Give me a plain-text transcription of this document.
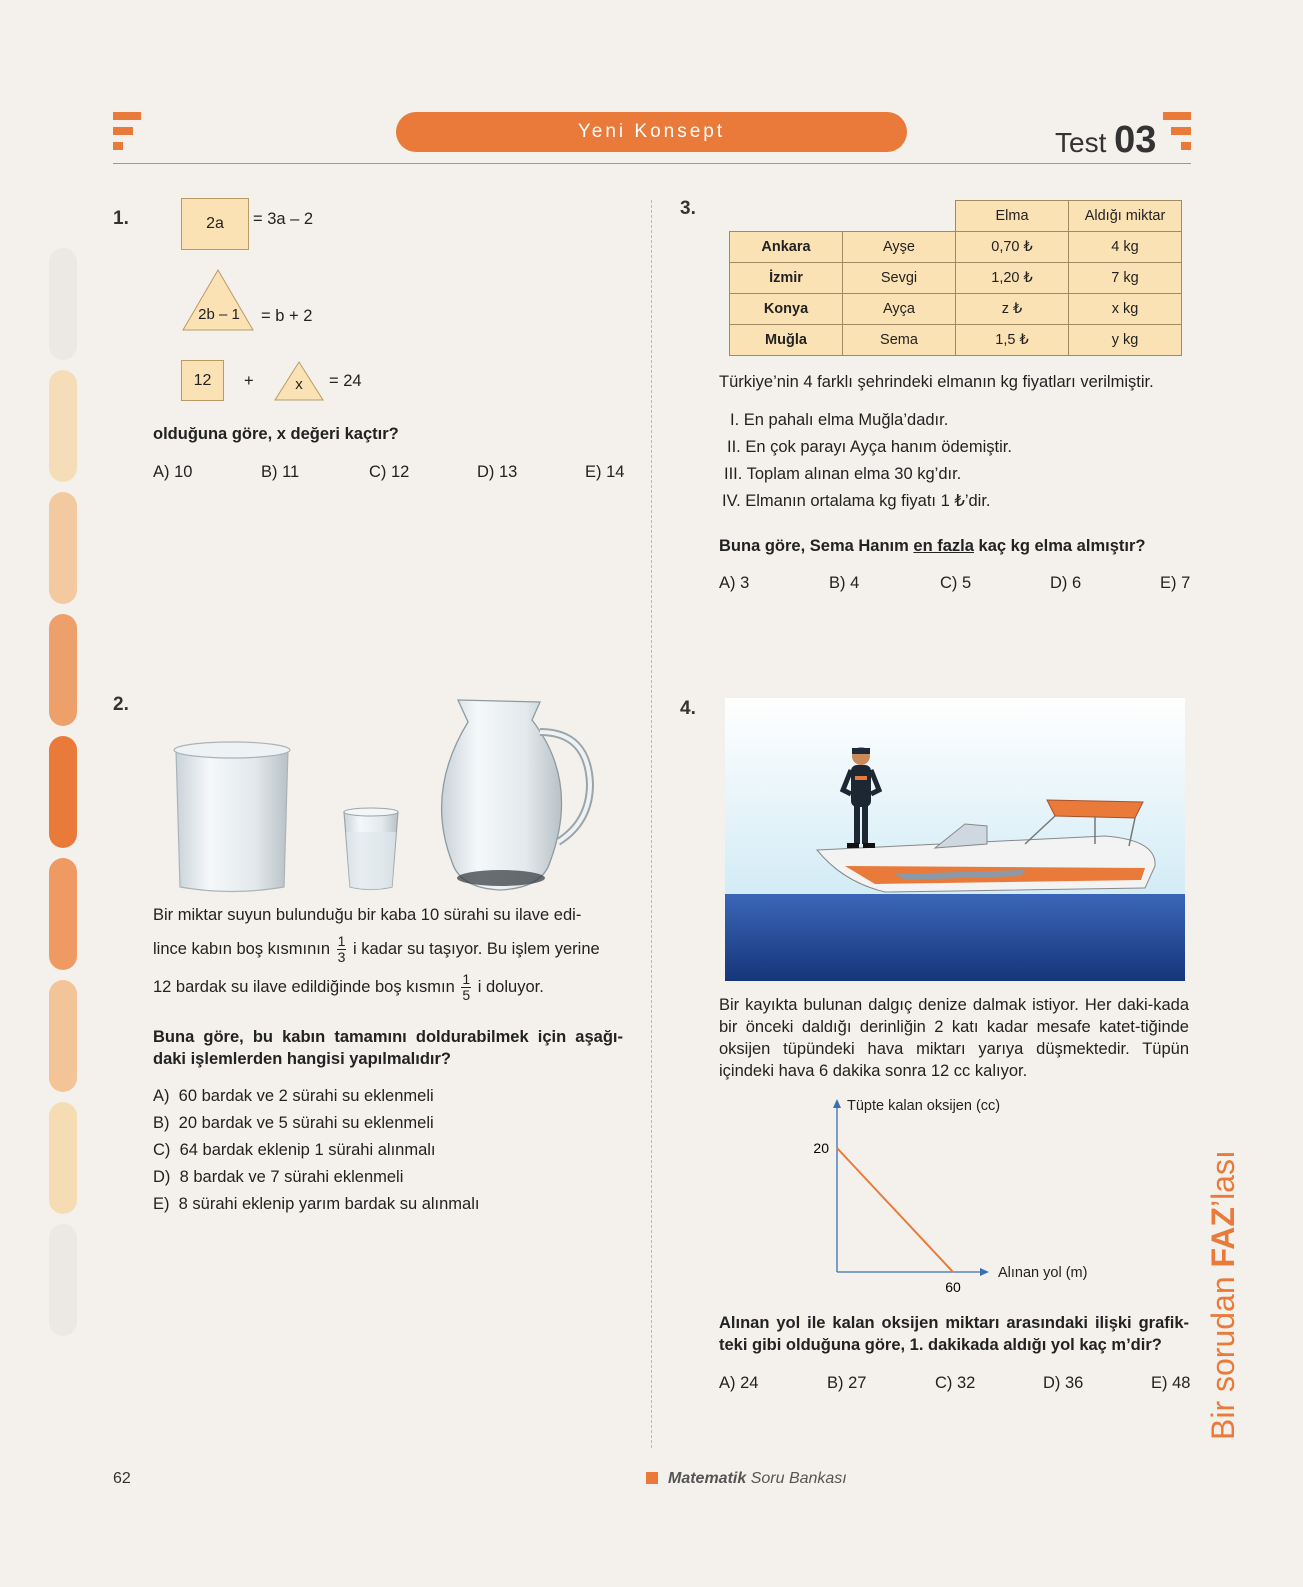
Yeni Konsept	Test 03
1.	2a	= 3a – 2
2b – 1 = b + 2
12	+	x	= 24
olduğuna göre, x değeri kaçtır?
A) 10	B) 11	C) 12	D) 13	E) 14
2.
Bir miktar suyun bulunduğu bir kaba 10 sürahi su ilave edi-
lince kabın boş kısmının $\frac{1}{3}$ i kadar su taşıyor. Bu işlem yerine
12 bardak su ilave edildiğinde boş kısmın $\frac{1}{5}$ i doluyor.
Buna göre, bu kabın tamamını doldurabilmek için aşağı-daki işlemlerden hangisi yapılmalıdır?
A) 60 bardak ve 2 sürahi su eklenmeli
B) 20 bardak ve 5 sürahi su eklenmeli
C) 64 bardak eklenip 1 sürahi alınmalı
D) 8 bardak ve 7 sürahi eklenmeli
E) 8 sürahi eklenip yarım bardak su alınmalı
3.
			Elma	Aldığı miktar
Ankara	Ayşe	0,70 ₺	4 kg
İzmir	Sevgi	1,20 ₺	7 kg
Konya	Ayça	z ₺	x kg
Muğla	Sema	1,5 ₺	y kg
Türkiye’nin 4 farklı şehrindeki elmanın kg fiyatları verilmiştir.
I. En pahalı elma Muğla’dadır.
II. En çok parayı Ayça hanım ödemiştir.
III. Toplam alınan elma 30 kg’dır.
IV. Elmanın ortalama kg fiyatı 1 ₺’dir.
Buna göre, Sema Hanım en fazla kaç kg elma almıştır?
A) 3	B) 4	C) 5	D) 6	E) 7
4.
Bir kayıkta bulunan dalgıç denize dalmak istiyor. Her daki-kada bir önceki daldığı derinliğin 2 katı kadar mesafe katet-tiğinde oksijen tüpündeki hava miktarı yarıya düşmektedir. Tüpün içindeki hava 6 dakika sonra 12 cc kalıyor.
Tüpte kalan oksijen (cc)
Alınan yol (m)
20
60
Alınan yol ile kalan oksijen miktarı arasındaki ilişki grafik-teki gibi olduğuna göre, 1. dakikada aldığı yol kaç m’dir?
A) 24	B) 27	C) 32	D) 36	E) 48 Bir sorudan FAZ’lası
62	Matematik Soru Bankası
